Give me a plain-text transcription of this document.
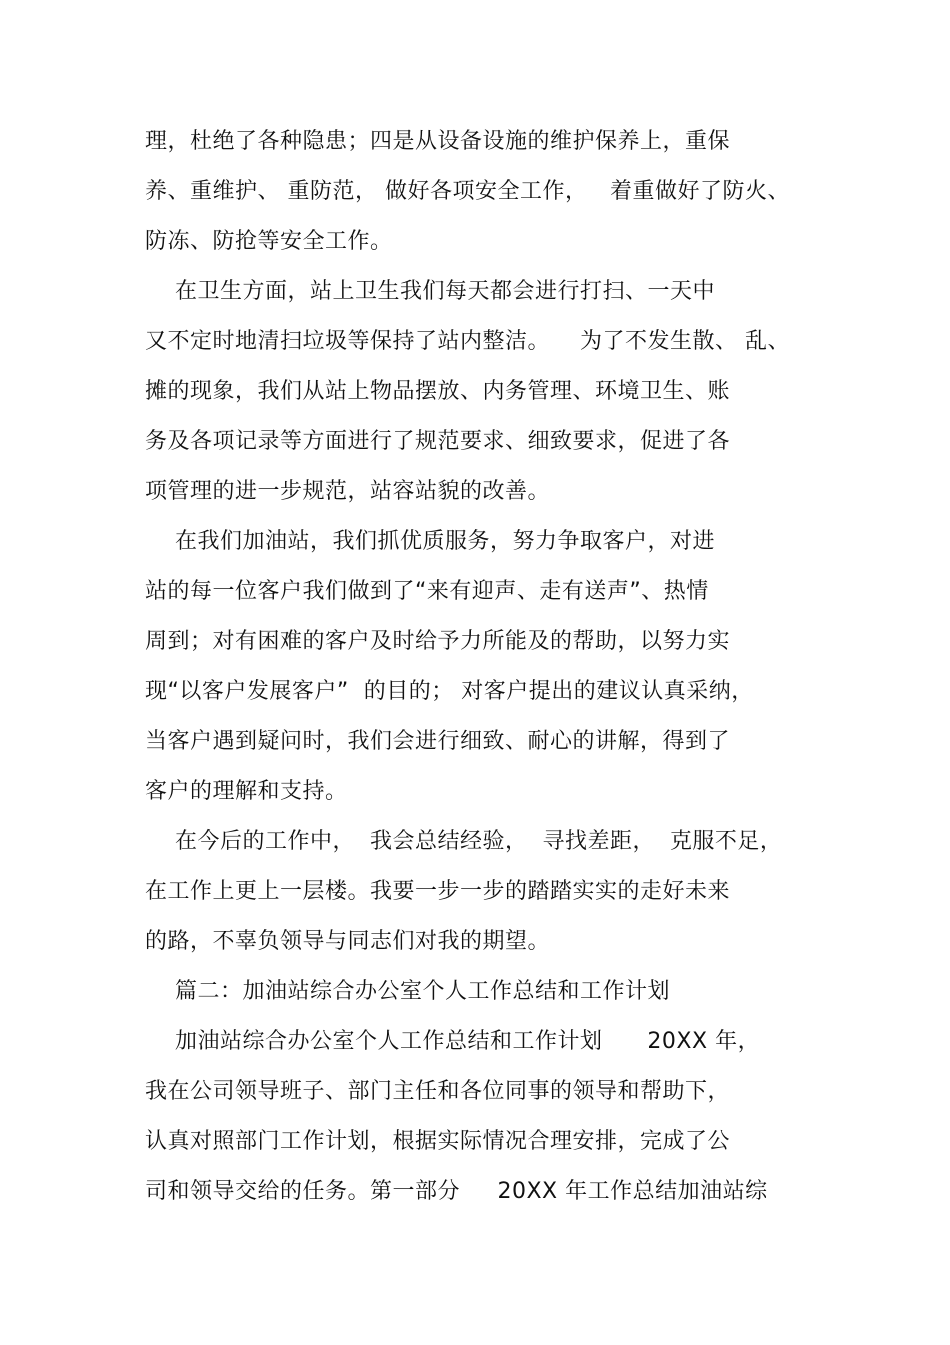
理，杜绝了各种隐患；四是从设备设施的维护保养上，重保
养、重维护、 重防范， 做好各项安全工作，   着重做好了防火、
防冻、防抢等安全工作。
在卫生方面，站上卫生我们每天都会进行打扫、一天中
又不定时地清扫垃圾等保持了站内整洁。    为了不发生散、 乱、
摊的现象，我们从站上物品摆放、内务管理、环境卫生、账
务及各项记录等方面进行了规范要求、细致要求，促进了各
项管理的进一步规范，站容站貌的改善。
在我们加油站，我们抓优质服务，努力争取客户，对进
站的每一位客户我们做到了“来有迎声、走有送声”、热情
周到；对有困难的客户及时给予力所能及的帮助，以努力实
现“以客户发展客户”  的目的； 对客户提出的建议认真采纳，
当客户遇到疑问时，我们会进行细致、耐心的讲解，得到了
客户的理解和支持。
在今后的工作中，  我会总结经验，  寻找差距，  克服不足，
在工作上更上一层楼。我要一步一步的踏踏实实的走好未来
的路，不辜负领导与同志们对我的期望。
篇二：加油站综合办公室个人工作总结和工作计划
加油站综合办公室个人工作总结和工作计划      20XX 年，
我在公司领导班子、部门主任和各位同事的领导和帮助下，
认真对照部门工作计划，根据实际情况合理安排，完成了公
司和领导交给的任务。第一部分     20XX 年工作总结加油站综
